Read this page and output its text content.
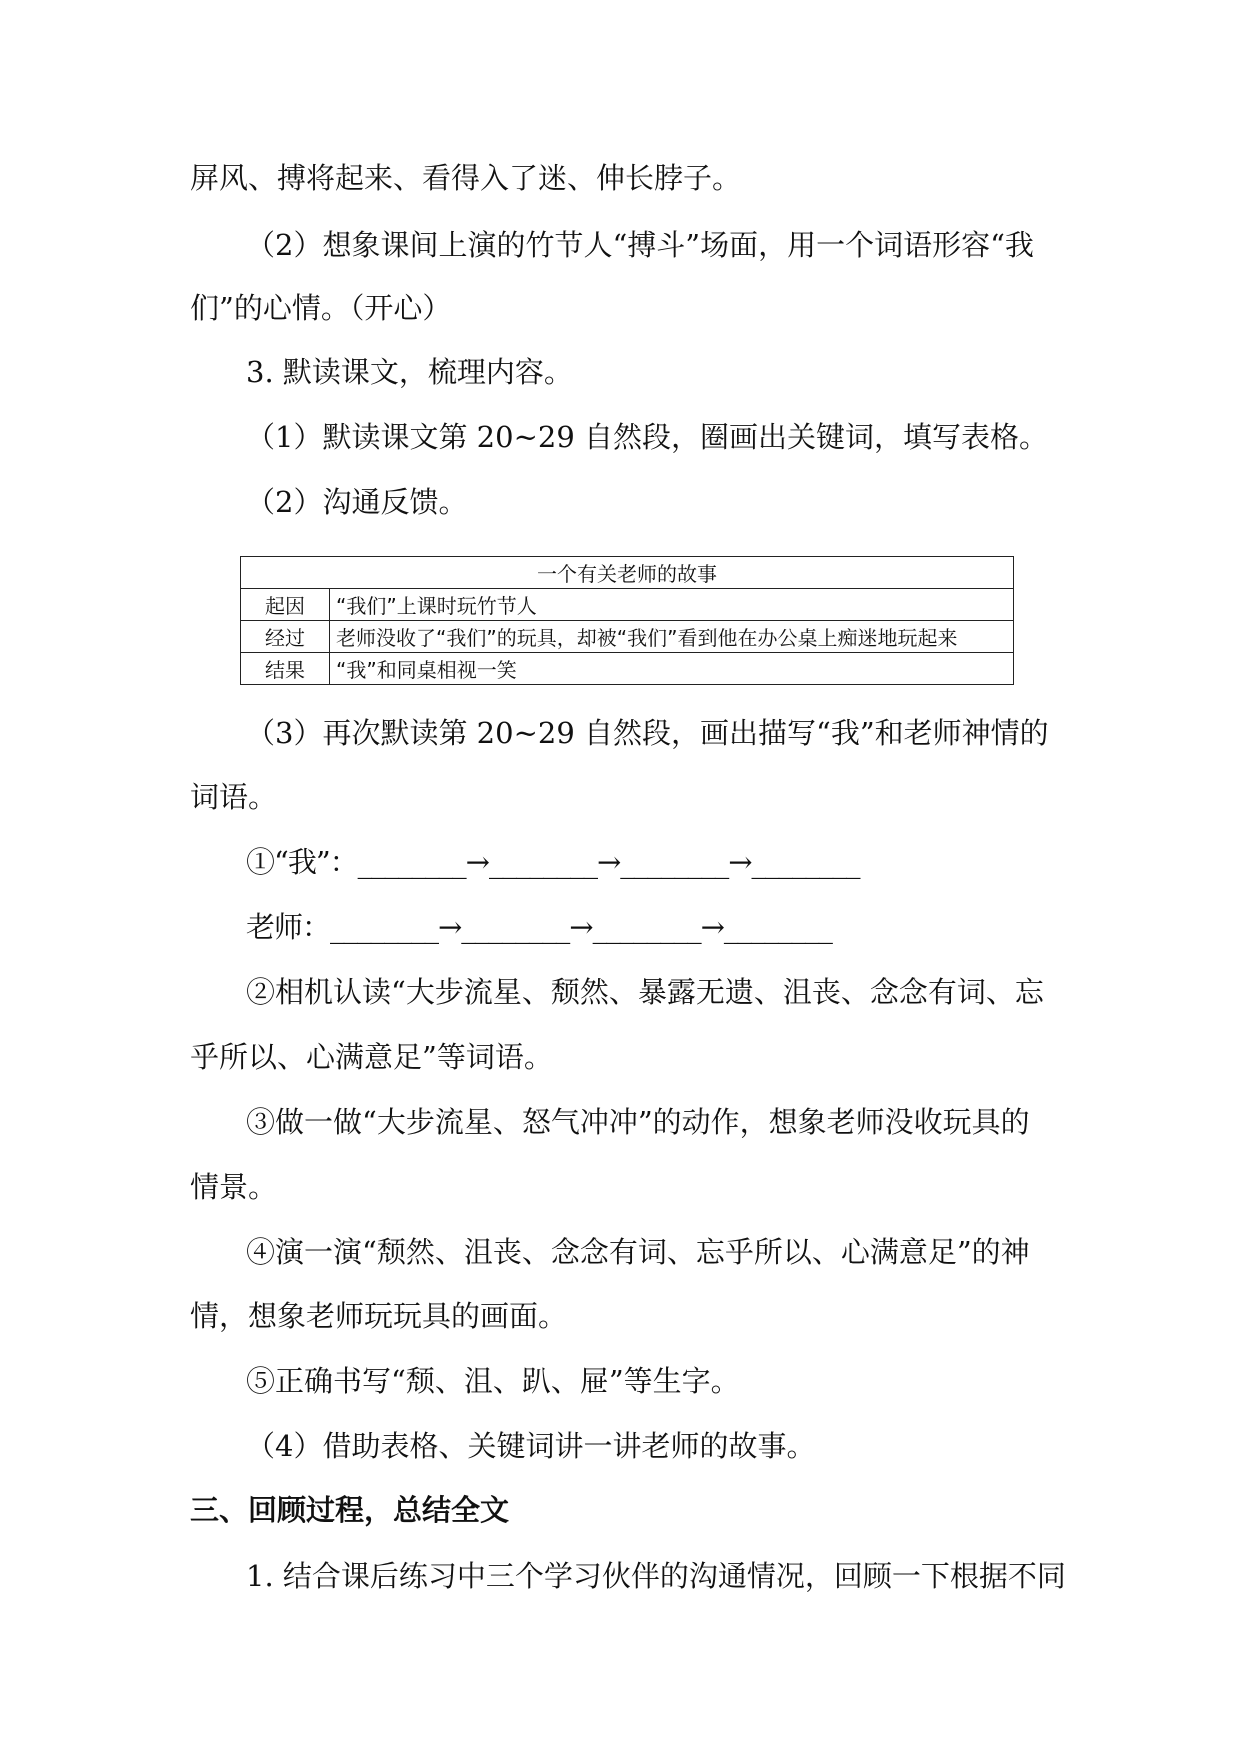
屏风、搏将起来、看得入了迷、伸长脖子。
（2）想象课间上演的竹节人“搏斗”场面，用一个词语形容“我
们”的心情。（开心）
3. 默读课文，梳理内容。
（1）默读课文第 20~29 自然段，圈画出关键词，填写表格。
（2）沟通反馈。
一个有关老师的故事	
起因	“我们”上课时玩竹节人
经过	老师没收了“我们”的玩具，却被“我们”看到他在办公桌上痴迷地玩起来
结果	“我”和同桌相视一笑
（3）再次默读第 20~29 自然段，画出描写“我”和老师神情的
词语。
①“我”：________→________→________→________
老师：________→________→________→________
②相机认读“大步流星、颓然、暴露无遗、沮丧、念念有词、忘
乎所以、心满意足”等词语。
③做一做“大步流星、怒气冲冲”的动作，想象老师没收玩具的
情景。
④演一演“颓然、沮丧、念念有词、忘乎所以、心满意足”的神
情，想象老师玩玩具的画面。
⑤正确书写“颓、沮、趴、屉”等生字。
（4）借助表格、关键词讲一讲老师的故事。
三、回顾过程，总结全文
1. 结合课后练习中三个学习伙伴的沟通情况，回顾一下根据不同
